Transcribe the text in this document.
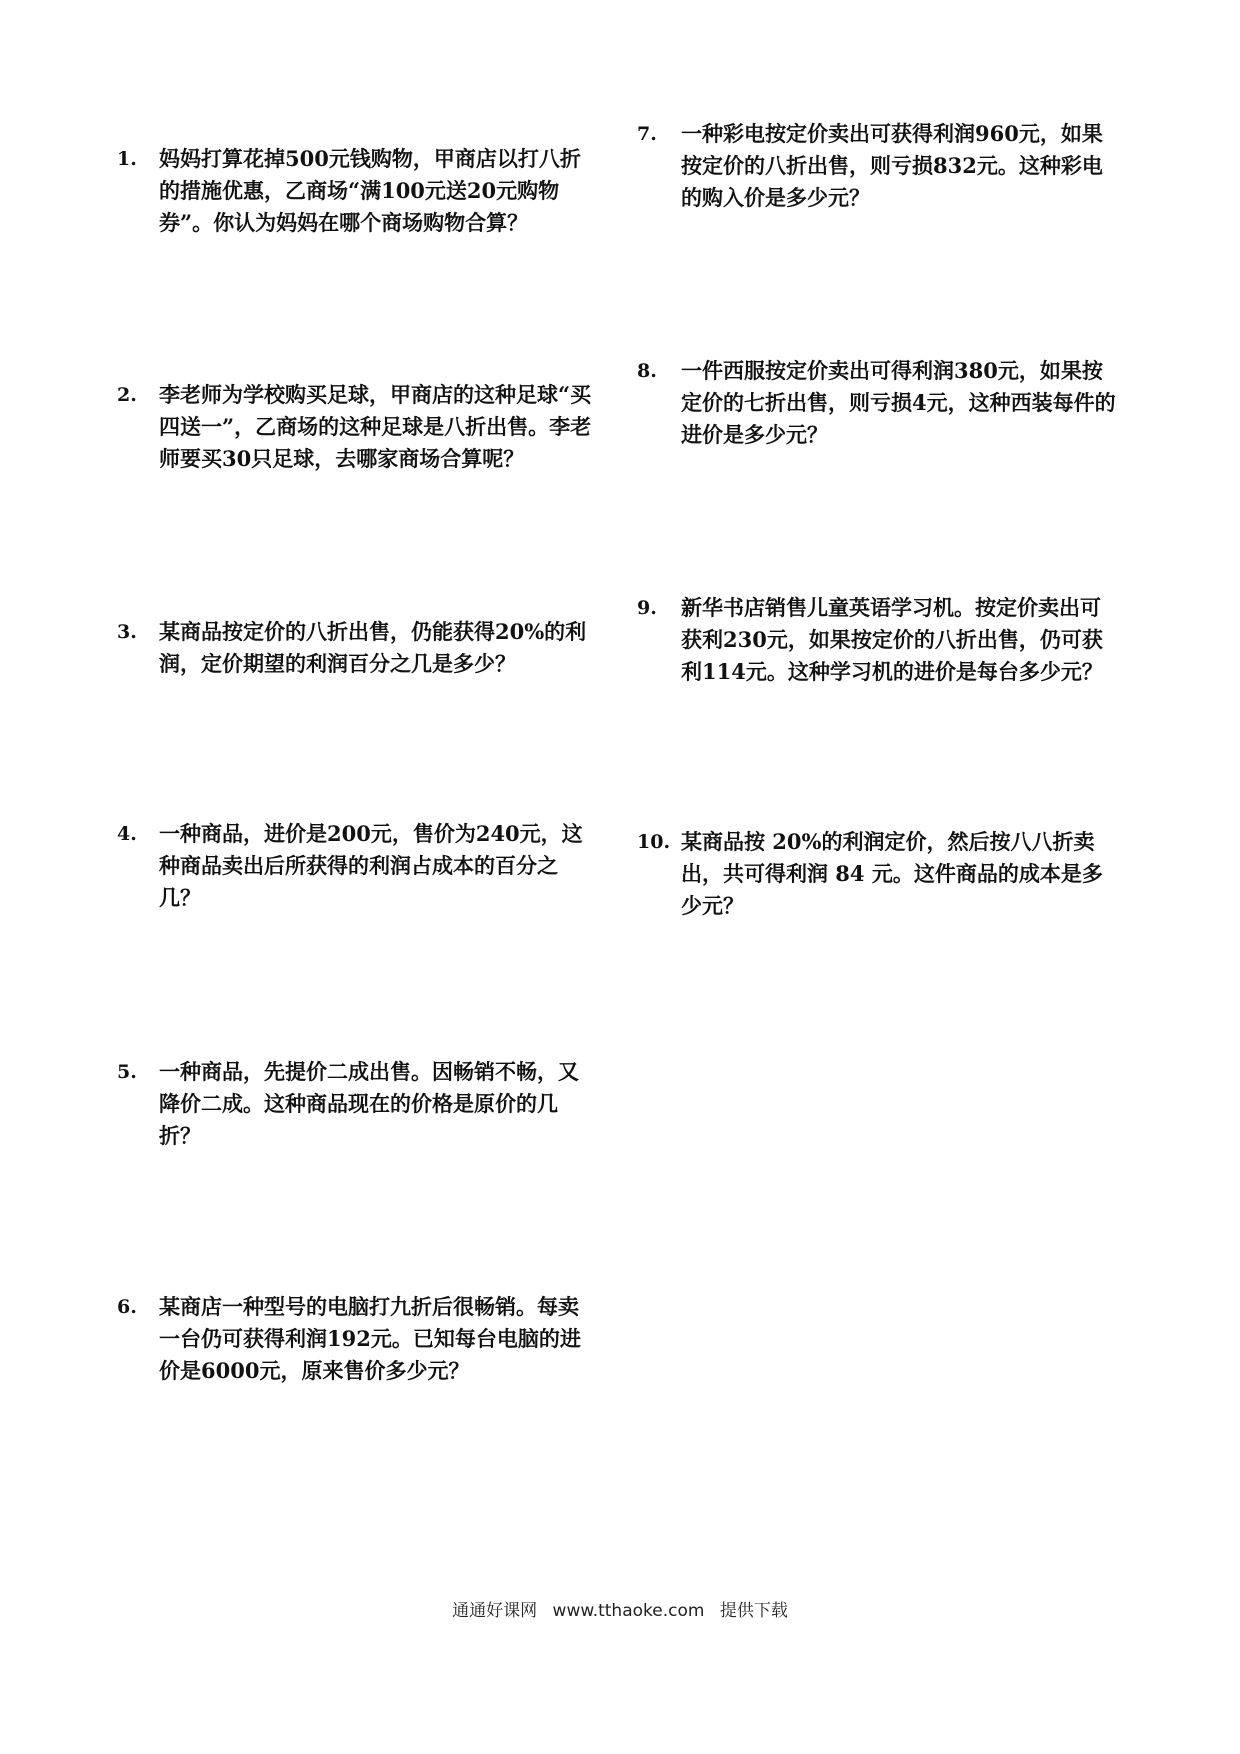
1.	妈妈打算花掉500元钱购物，甲商店以打八折的措施优惠，乙商场“满100元送20元购物券”。你认为妈妈在哪个商场购物合算？
2.	李老师为学校购买足球，甲商店的这种足球“买四送一”，乙商场的这种足球是八折出售。李老师要买30只足球，去哪家商场合算呢？
3.	某商品按定价的八折出售，仍能获得20%的利润，定价期望的利润百分之几是多少？
4.	一种商品，进价是200元，售价为240元，这种商品卖出后所获得的利润占成本的百分之几？
5.	一种商品，先提价二成出售。因畅销不畅，又降价二成。这种商品现在的价格是原价的几折？
6.	某商店一种型号的电脑打九折后很畅销。每卖一台仍可获得利润192元。已知每台电脑的进价是6000元，原来售价多少元？
7.	一种彩电按定价卖出可获得利润960元，如果按定价的八折出售，则亏损832元。这种彩电的购入价是多少元？
8.	一件西服按定价卖出可得利润380元，如果按定价的七折出售，则亏损4元，这种西装每件的进价是多少元？
9.	新华书店销售儿童英语学习机。按定价卖出可获利230元，如果按定价的八折出售，仍可获利114元。这种学习机的进价是每台多少元？
10. 某商品按 20%的利润定价，然后按八八折卖出，共可得利润 84 元。这件商品的成本是多少元？
通通好课网 www.tthaoke.com 提供下载
